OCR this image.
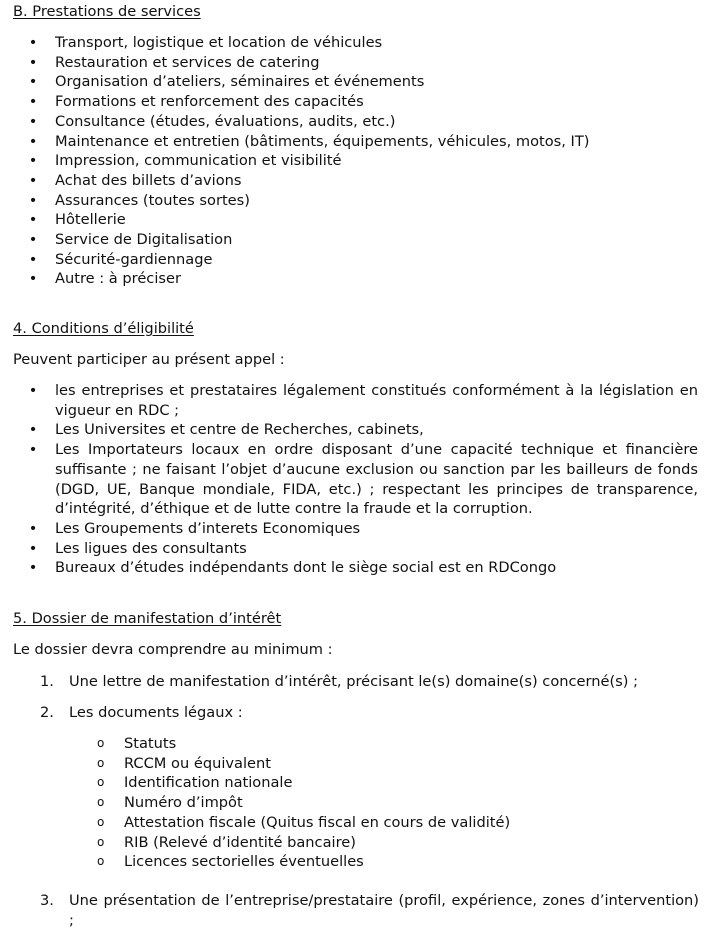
B. Prestations de services
• Transport, logistique et location de véhicules
• Restauration et services de catering
• Organisation d’ateliers, séminaires et événements
• Formations et renforcement des capacités
• Consultance (études, évaluations, audits, etc.)
• Maintenance et entretien (bâtiments, équipements, véhicules, motos, IT)
• Impression, communication et visibilité
• Achat des billets d’avions
• Assurances (toutes sortes)
• Hôtellerie
• Service de Digitalisation
• Sécurité-gardiennage
• Autre : à préciser
4. Conditions d’éligibilité
Peuvent participer au présent appel :
• les entreprises et prestataires légalement constitués conformément à la législation en vigueur en RDC ;
• Les Universites et centre de Recherches, cabinets,
• Les Importateurs locaux en ordre disposant d’une capacité technique et financière suffisante ; ne faisant l’objet d’aucune exclusion ou sanction par les bailleurs de fonds (DGD, UE, Banque mondiale, FIDA, etc.) ; respectant les principes de transparence, d’intégrité, d’éthique et de lutte contre la fraude et la corruption.
• Les Groupements d’interets Economiques
• Les ligues des consultants
• Bureaux d’études indépendants dont le siège social est en RDCongo
5. Dossier de manifestation d’intérêt
Le dossier devra comprendre au minimum :
1. Une lettre de manifestation d’intérêt, précisant le(s) domaine(s) concerné(s) ;
2. Les documents légaux :
o Statuts
o RCCM ou équivalent
o Identification nationale
o Numéro d’impôt
o Attestation fiscale (Quitus fiscal en cours de validité)
o RIB (Relevé d’identité bancaire)
o Licences sectorielles éventuelles
3. Une présentation de l’entreprise/prestataire (profil, expérience, zones d’intervention) ;
